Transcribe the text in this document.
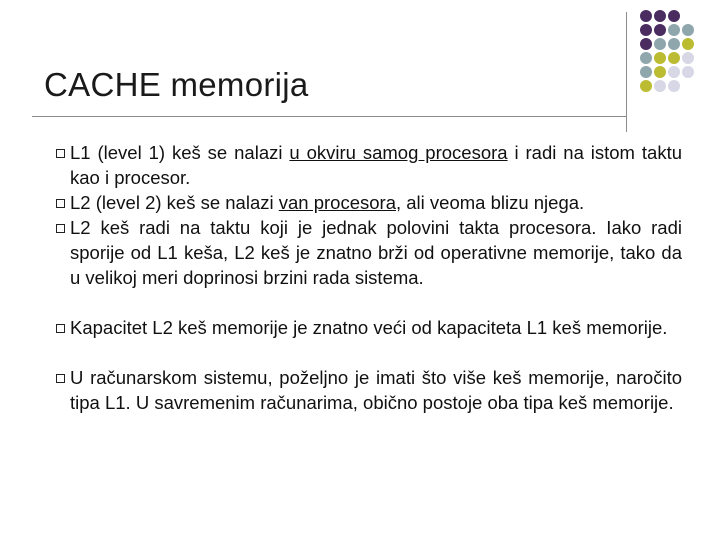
CACHE memorija
L1 (level 1) keš se nalazi u okviru samog procesora i radi na istom taktu kao i procesor.
L2 (level 2) keš se nalazi van procesora, ali veoma blizu njega.
L2 keš radi na taktu koji je jednak polovini takta procesora. Iako radi sporije od L1 keša, L2 keš je znatno brži od operativne memorije, tako da u velikoj meri doprinosi brzini rada sistema.
Kapacitet L2 keš memorije je znatno veći od kapaciteta L1 keš memorije.
U računarskom sistemu, poželjno je imati što više keš memorije, naročito tipa L1. U savremenim računarima, obično postoje oba tipa keš memorije.
